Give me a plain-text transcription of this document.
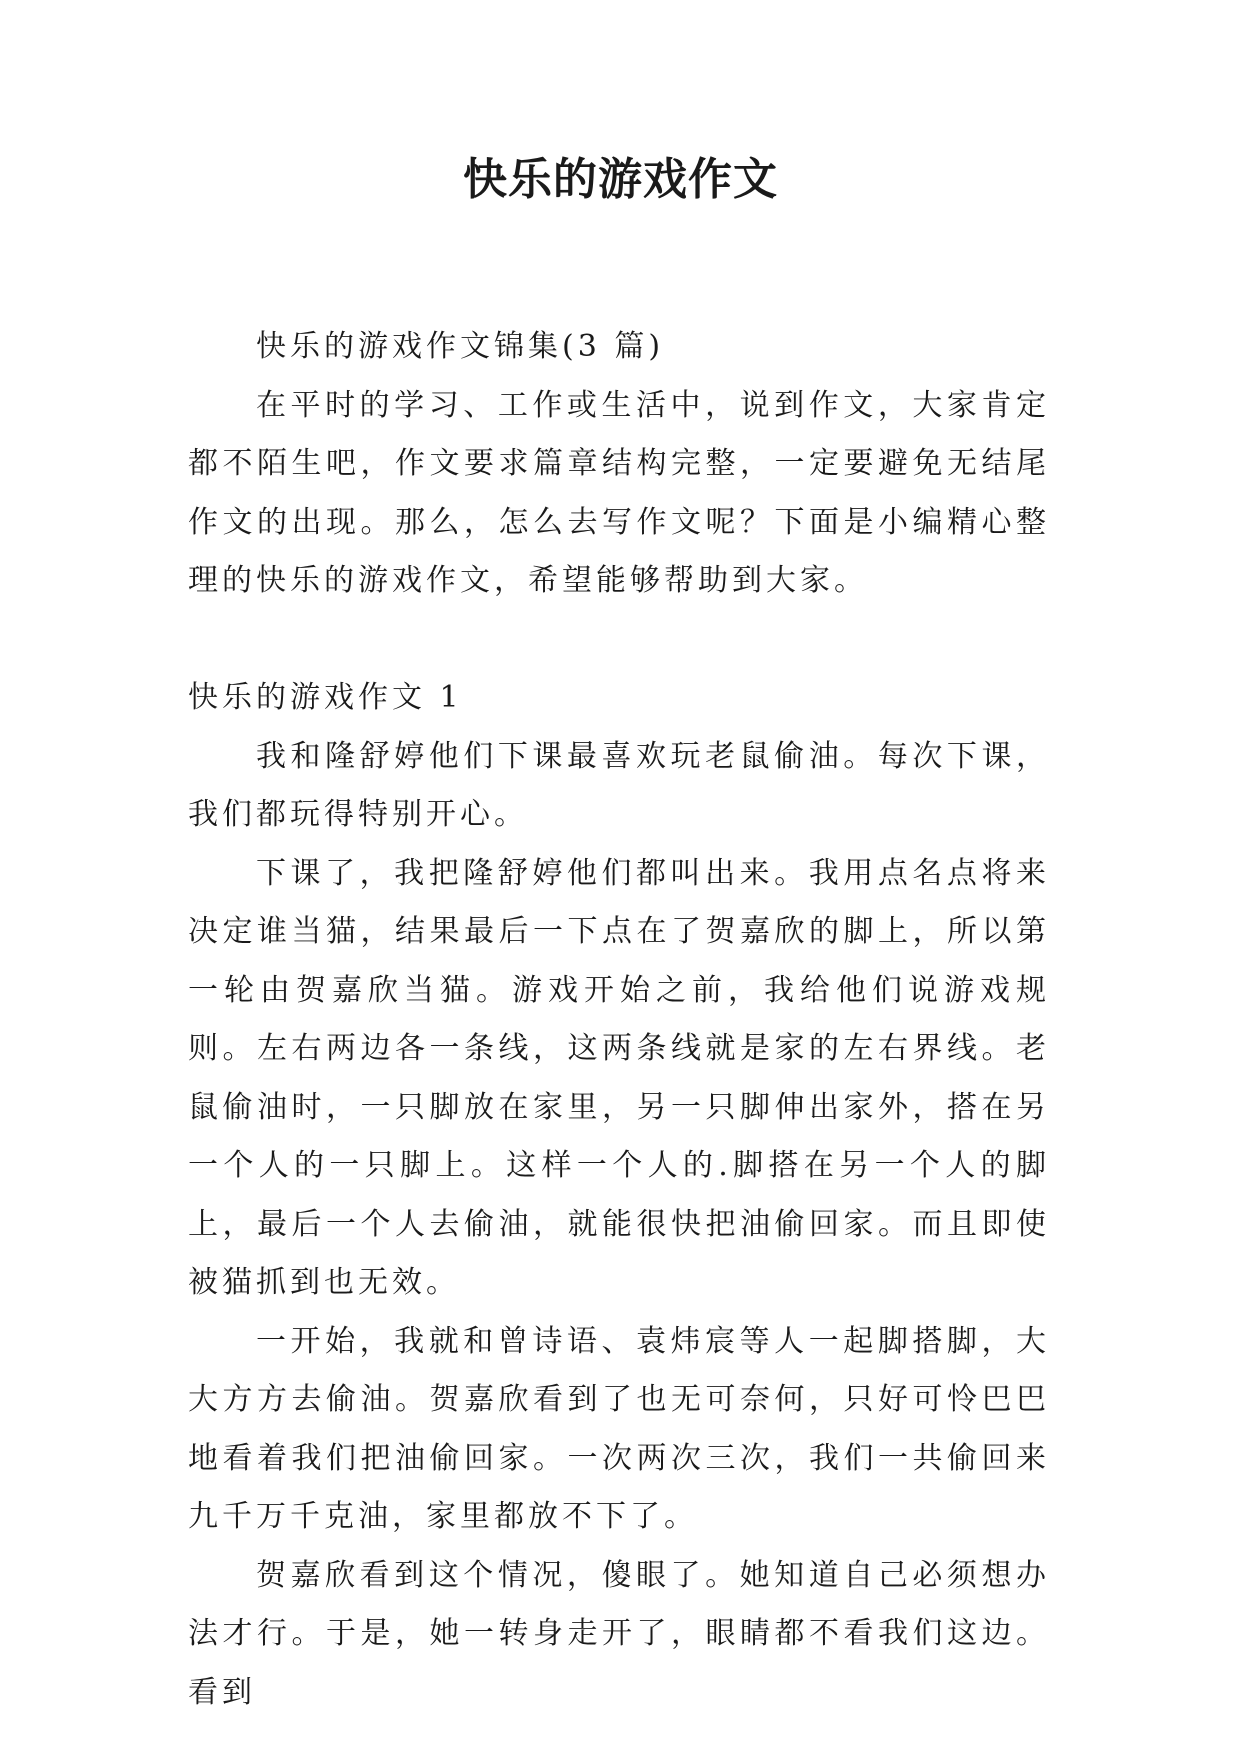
快乐的游戏作文

快乐的游戏作文锦集(3 篇)

在平时的学习、工作或生活中，说到作文，大家肯定都不陌生吧，作文要求篇章结构完整，一定要避免无结尾作文的出现。那么，怎么去写作文呢？下面是小编精心整理的快乐的游戏作文，希望能够帮助到大家。

快乐的游戏作文 1

我和隆舒婷他们下课最喜欢玩老鼠偷油。每次下课，我们都玩得特别开心。

下课了，我把隆舒婷他们都叫出来。我用点名点将来决定谁当猫，结果最后一下点在了贺嘉欣的脚上，所以第一轮由贺嘉欣当猫。游戏开始之前，我给他们说游戏规则。左右两边各一条线，这两条线就是家的左右界线。老鼠偷油时，一只脚放在家里，另一只脚伸出家外，搭在另一个人的一只脚上。这样一个人的.脚搭在另一个人的脚上，最后一个人去偷油，就能很快把油偷回家。而且即使被猫抓到也无效。

一开始，我就和曾诗语、袁炜宸等人一起脚搭脚，大大方方去偷油。贺嘉欣看到了也无可奈何，只好可怜巴巴地看着我们把油偷回家。一次两次三次，我们一共偷回来九千万千克油，家里都放不下了。

贺嘉欣看到这个情况，傻眼了。她知道自己必须想办法才行。于是，她一转身走开了，眼睛都不看我们这边。看到
